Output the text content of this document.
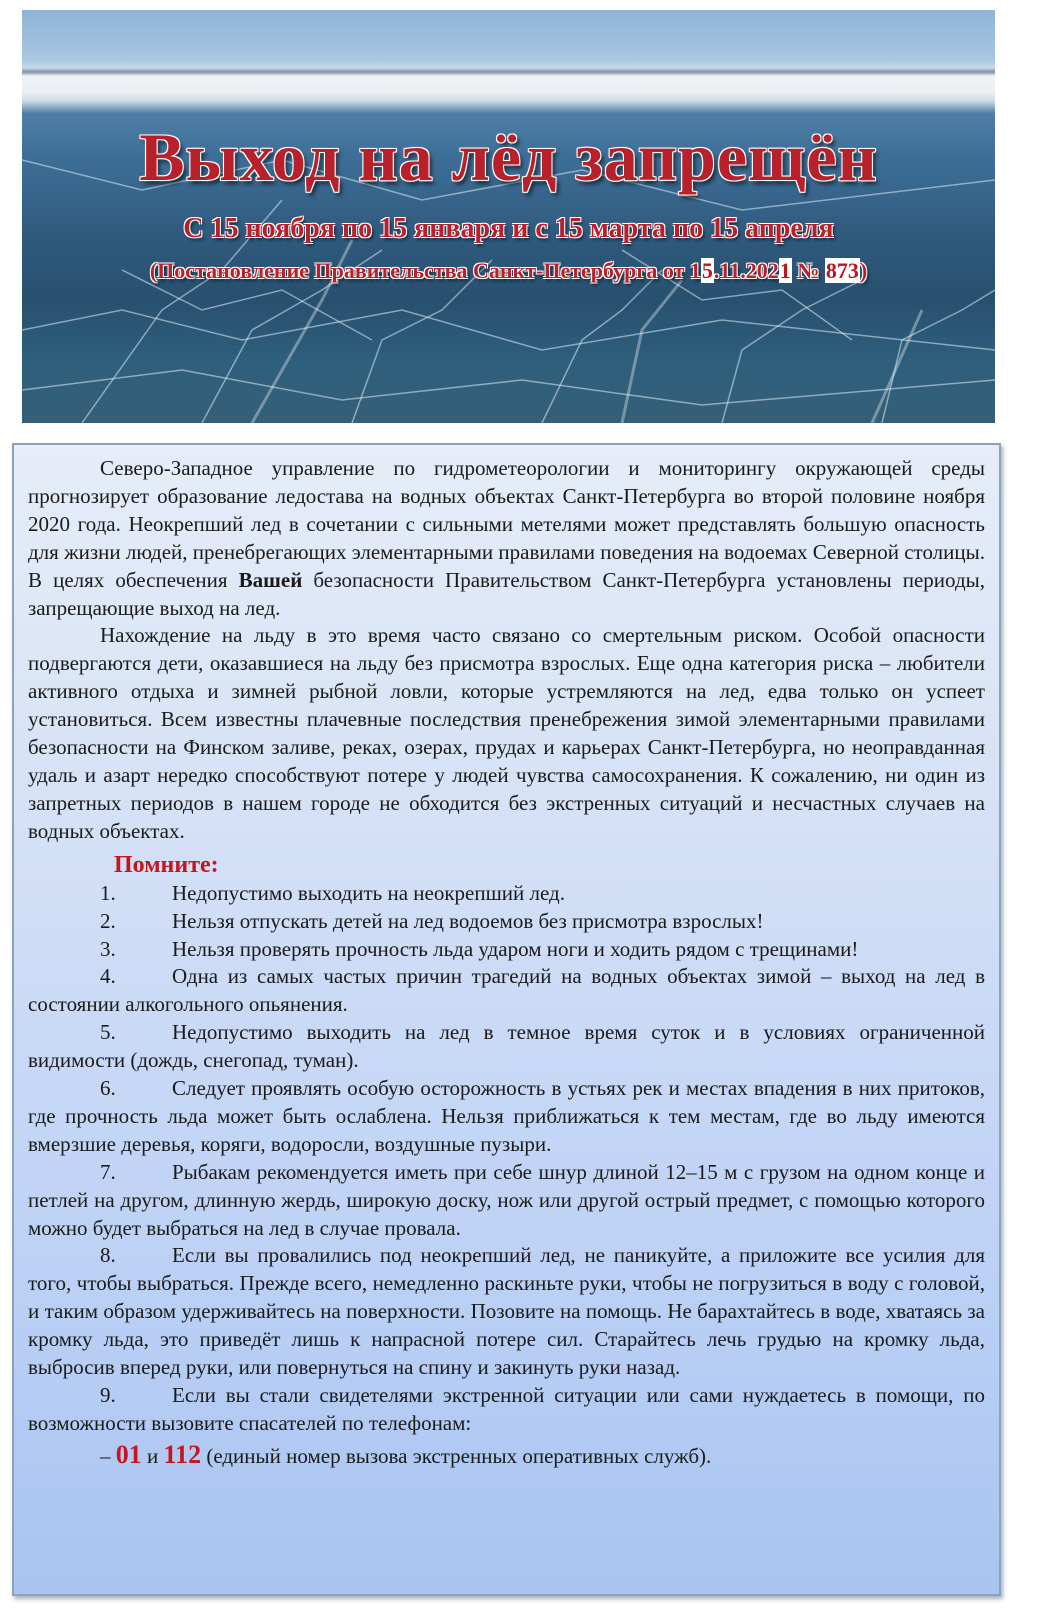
Выход на лёд запрещён
С 15 ноября по 15 января и с 15 марта по 15 апреля
(Постановление Правительства Санкт-Петербурга от 15.11.2021 № 873)

Северо-Западное управление по гидрометеорологии и мониторингу окружающей среды прогнозирует образование ледостава на водных объектах Санкт-Петербурга во второй половине ноября 2020 года. Неокрепший лед в сочетании с сильными метелями может представлять большую опасность для жизни людей, пренебрегающих элементарными правилами поведения на водоемах Северной столицы. В целях обеспечения Вашей безопасности Правительством Санкт-Петербурга установлены периоды, запрещающие выход на лед.

Нахождение на льду в это время часто связано со смертельным риском. Особой опасности подвергаются дети, оказавшиеся на льду без присмотра взрослых. Еще одна категория риска – любители активного отдыха и зимней рыбной ловли, которые устремляются на лед, едва только он успеет установиться. Всем известны плачевные последствия пренебрежения зимой элементарными правилами безопасности на Финском заливе, реках, озерах, прудах и карьерах Санкт-Петербурга, но неоправданная удаль и азарт нередко способствуют потере у людей чувства самосохранения. К сожалению, ни один из запретных периодов в нашем городе не обходится без экстренных ситуаций и несчастных случаев на водных объектах.

Помните:

1.	Недопустимо выходить на неокрепший лед.

2.	Нельзя отпускать детей на лед водоемов без присмотра взрослых!

3.	Нельзя проверять прочность льда ударом ноги и ходить рядом с трещинами!

4.	Одна из самых частых причин трагедий на водных объектах зимой – выход на лед в состоянии алкогольного опьянения.

5.	Недопустимо выходить на лед в темное время суток и в условиях ограниченной видимости (дождь, снегопад, туман).

6.	Следует проявлять особую осторожность в устьях рек и местах впадения в них притоков, где прочность льда может быть ослаблена. Нельзя приближаться к тем местам, где во льду имеются вмерзшие деревья, коряги, водоросли, воздушные пузыри.

7.	Рыбакам рекомендуется иметь при себе шнур длиной 12–15 м с грузом на одном конце и петлей на другом, длинную жердь, широкую доску, нож или другой острый предмет, с помощью которого можно будет выбраться на лед в случае провала.

8.	Если вы провалились под неокрепший лед, не паникуйте, а приложите все усилия для того, чтобы выбраться. Прежде всего, немедленно раскиньте руки, чтобы не погрузиться в воду с головой, и таким образом удерживайтесь на поверхности. Позовите на помощь. Не барахтайтесь в воде, хватаясь за кромку льда, это приведёт лишь к напрасной потере сил. Старайтесь лечь грудью на кромку льда, выбросив вперед руки, или повернуться на спину и закинуть руки назад.

9.	Если вы стали свидетелями экстренной ситуации или сами нуждаетесь в помощи, по возможности вызовите спасателей по телефонам:

– 01 и 112 (единый номер вызова экстренных оперативных служб).
